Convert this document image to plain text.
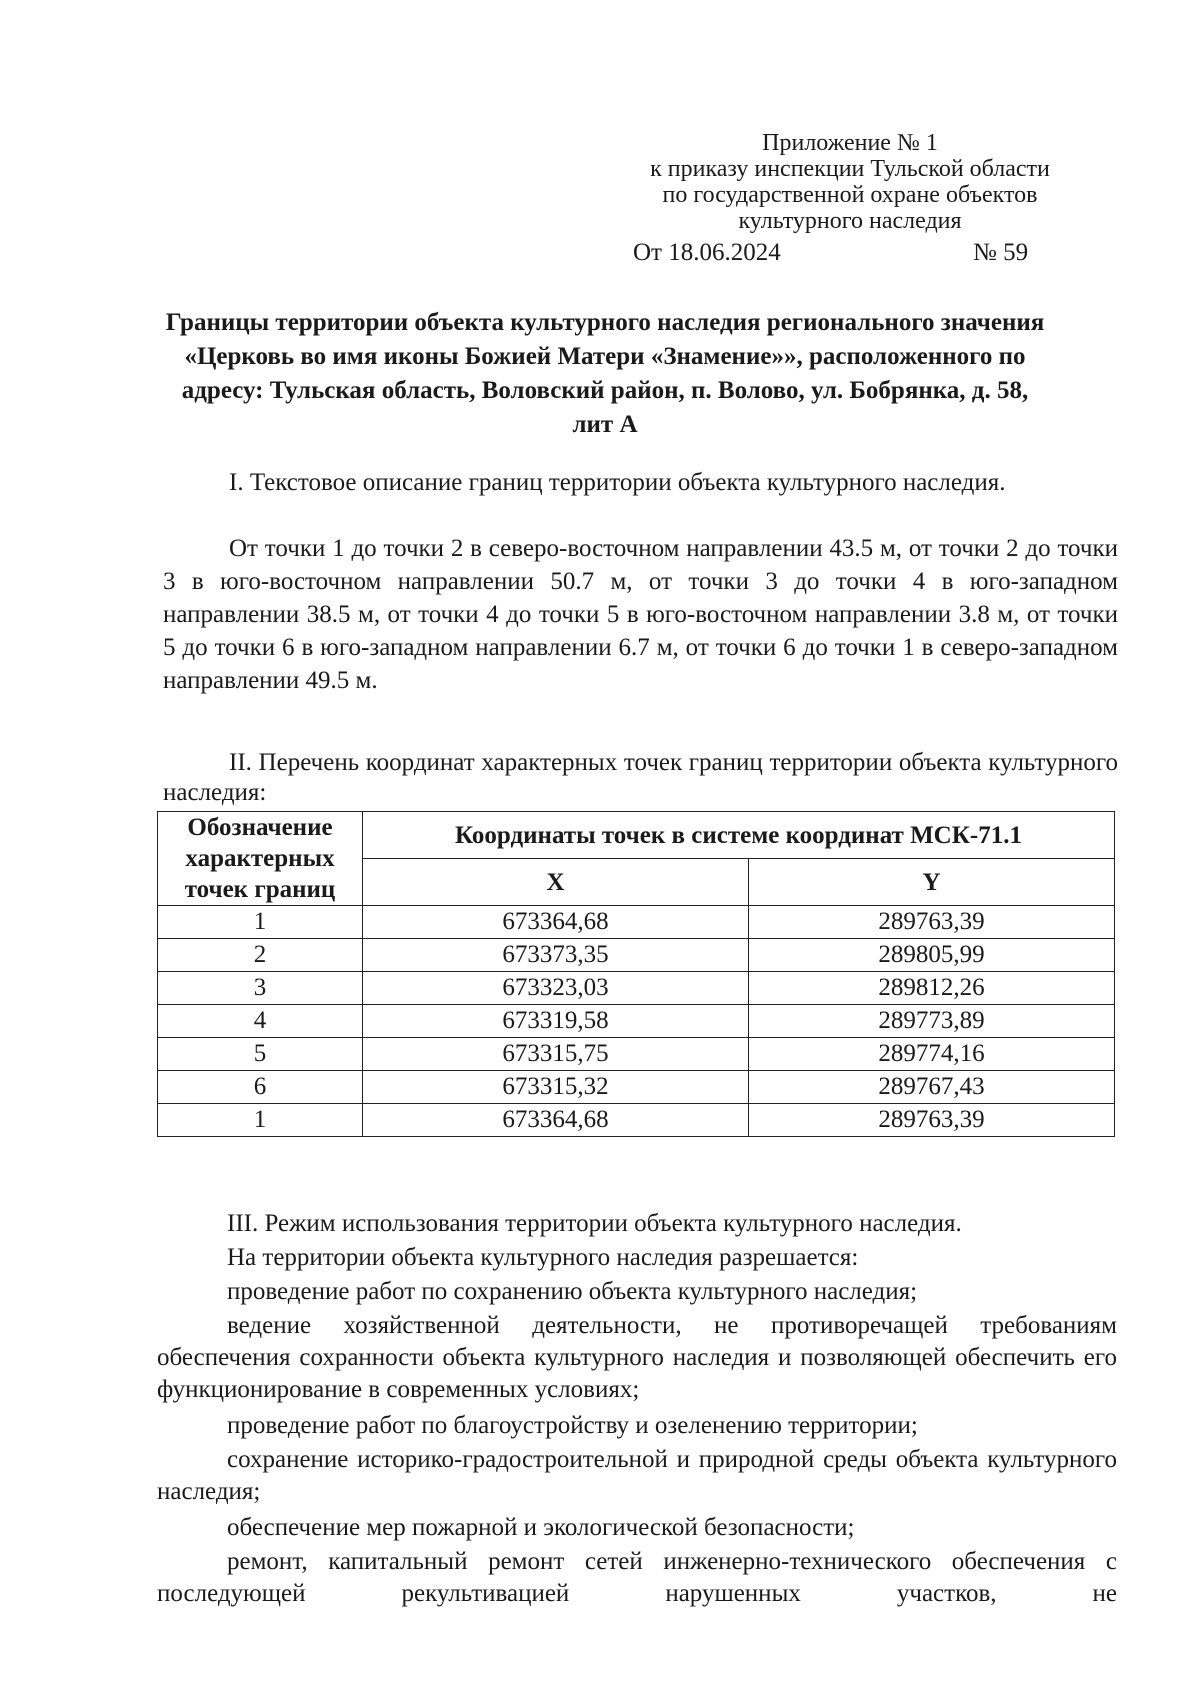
Приложение № 1
к приказу инспекции Тульской области
по государственной охране объектов
культурного наследия
От 18.06.2024	№ 59
Границы территории объекта культурного наследия регионального значения «Церковь во имя иконы Божией Матери «Знамение»», расположенного по адресу: Тульская область, Воловский район, п. Волово, ул. Бобрянка, д. 58, лит А
I. Текстовое описание границ территории объекта культурного наследия.
От точки 1 до точки 2 в северо-восточном направлении 43.5 м, от точки 2 до точки 3 в юго-восточном направлении 50.7 м, от точки 3 до точки 4 в юго-западном направлении 38.5 м, от точки 4 до точки 5 в юго-восточном направлении 3.8 м, от точки 5 до точки 6 в юго-западном направлении 6.7 м, от точки 6 до точки 1 в северо-западном направлении 49.5 м.
II. Перечень координат характерных точек границ территории объекта культурного наследия:
Обозначение характерных точек границ	Координаты точек в системе координат МСК-71.1	
	X	Y
1	673364,68	289763,39
2	673373,35	289805,99
3	673323,03	289812,26
4	673319,58	289773,89
5	673315,75	289774,16
6	673315,32	289767,43
1	673364,68	289763,39
III. Режим использования территории объекта культурного наследия.
На территории объекта культурного наследия разрешается:
проведение работ по сохранению объекта культурного наследия;
ведение хозяйственной деятельности, не противоречащей требованиям обеспечения сохранности объекта культурного наследия и позволяющей обеспечить его функционирование в современных условиях;
проведение работ по благоустройству и озеленению территории;
сохранение историко-градостроительной и природной среды объекта культурного наследия;
обеспечение мер пожарной и экологической безопасности;
ремонт, капитальный ремонт сетей инженерно-технического обеспечения с последующей рекультивацией нарушенных участков, не
